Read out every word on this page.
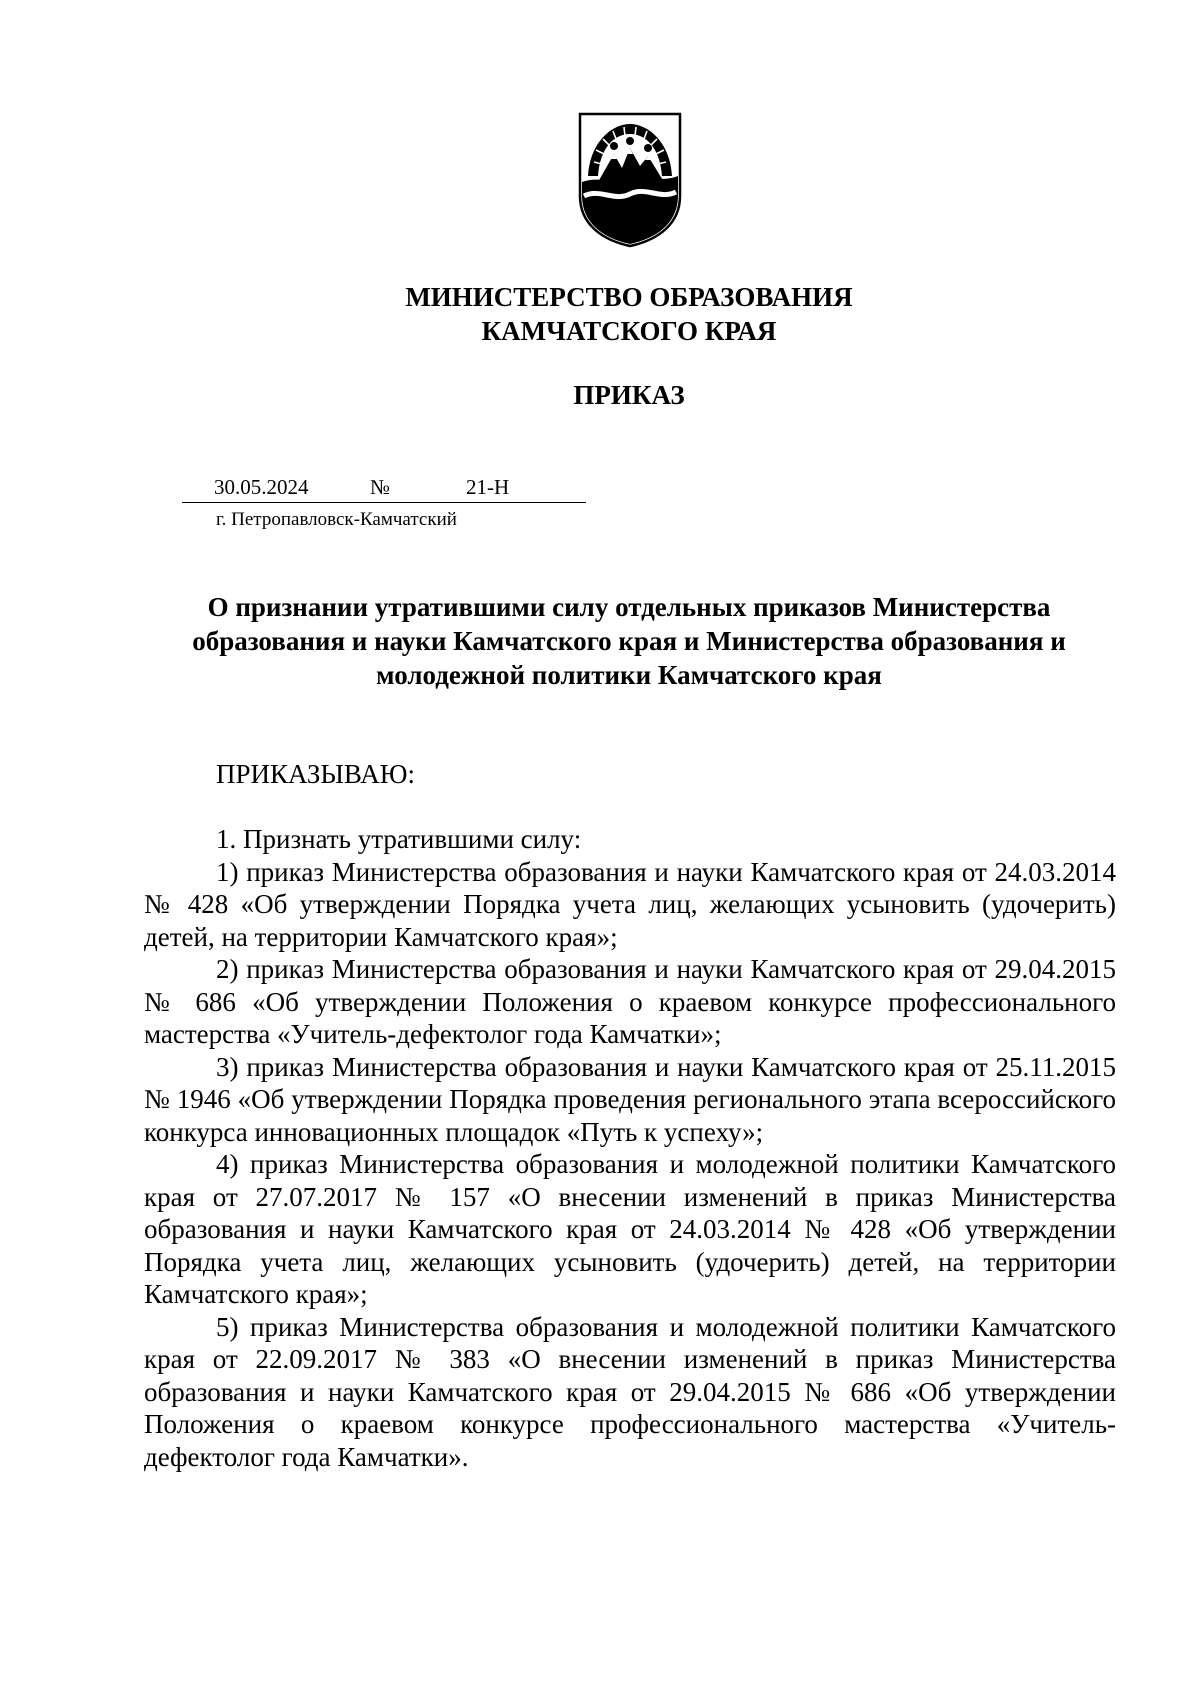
МИНИСТЕРСТВО ОБРАЗОВАНИЯ
КАМЧАТСКОГО КРАЯ
ПРИКАЗ
30.05.2024	№	21-Н
г. Петропавловск-Камчатский
О признании утратившими силу отдельных приказов Министерства
образования и науки Камчатского края и Министерства образования и
молодежной политики Камчатского края
ПРИКАЗЫВАЮ:

1. Признать утратившими силу:

1) приказ Министерства образования и науки Камчатского края от 24.03.2014 № 428 «Об утверждении Порядка учета лиц, желающих усыновить (удочерить) детей, на территории Камчатского края»;

2) приказ Министерства образования и науки Камчатского края от 29.04.2015 № 686 «Об утверждении Положения о краевом конкурсе профессионального мастерства «Учитель-дефектолог года Камчатки»;

3) приказ Министерства образования и науки Камчатского края от 25.11.2015 № 1946 «Об утверждении Порядка проведения регионального этапа всероссийского конкурса инновационных площадок «Путь к успеху»;

4) приказ Министерства образования и молодежной политики Камчатского края от 27.07.2017 № 157 «О внесении изменений в приказ Министерства образования и науки Камчатского края от 24.03.2014 № 428 «Об утверждении Порядка учета лиц, желающих усыновить (удочерить) детей, на территории Камчатского края»;

5) приказ Министерства образования и молодежной политики Камчатского края от 22.09.2017 № 383 «О внесении изменений в приказ Министерства образования и науки Камчатского края от 29.04.2015 № 686 «Об утверждении Положения о краевом конкурсе профессионального мастерства «Учитель-дефектолог года Камчатки».
